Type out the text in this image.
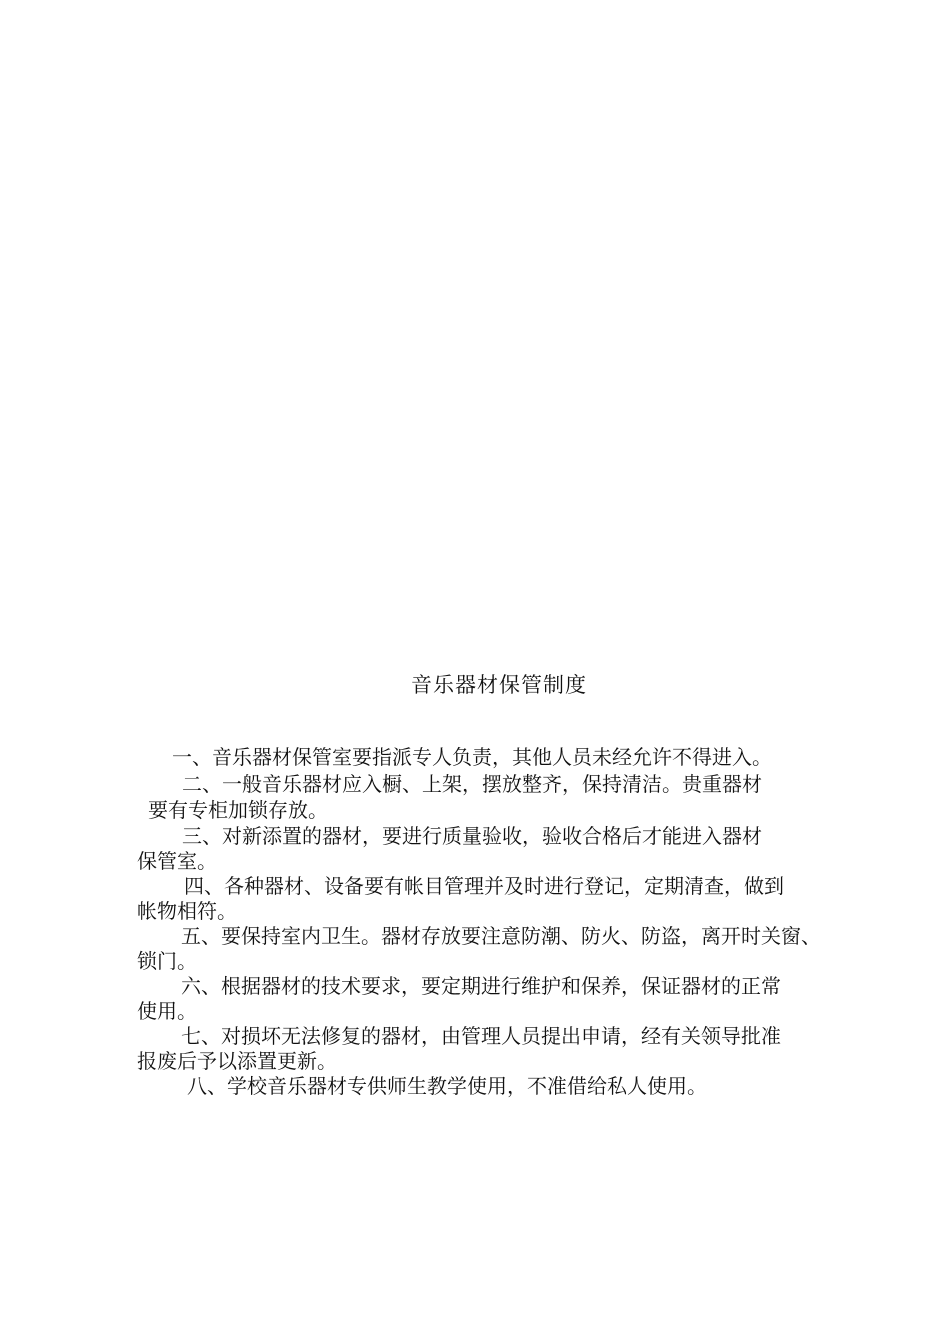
音乐器材保管制度
一、音乐器材保管室要指派专人负责，其他人员未经允许不得进入。
二、一般音乐器材应入橱、上架，摆放整齐，保持清洁。贵重器材
要有专柜加锁存放。
三、对新添置的器材，要进行质量验收，验收合格后才能进入器材
保管室。
四、各种器材、设备要有帐目管理并及时进行登记，定期清查，做到
帐物相符。
五、要保持室内卫生。器材存放要注意防潮、防火、防盗，离开时关窗、
锁门。
六、根据器材的技术要求，要定期进行维护和保养，保证器材的正常
使用。
七、对损坏无法修复的器材，由管理人员提出申请，经有关领导批准
报废后予以添置更新。
八、学校音乐器材专供师生教学使用，不准借给私人使用。
